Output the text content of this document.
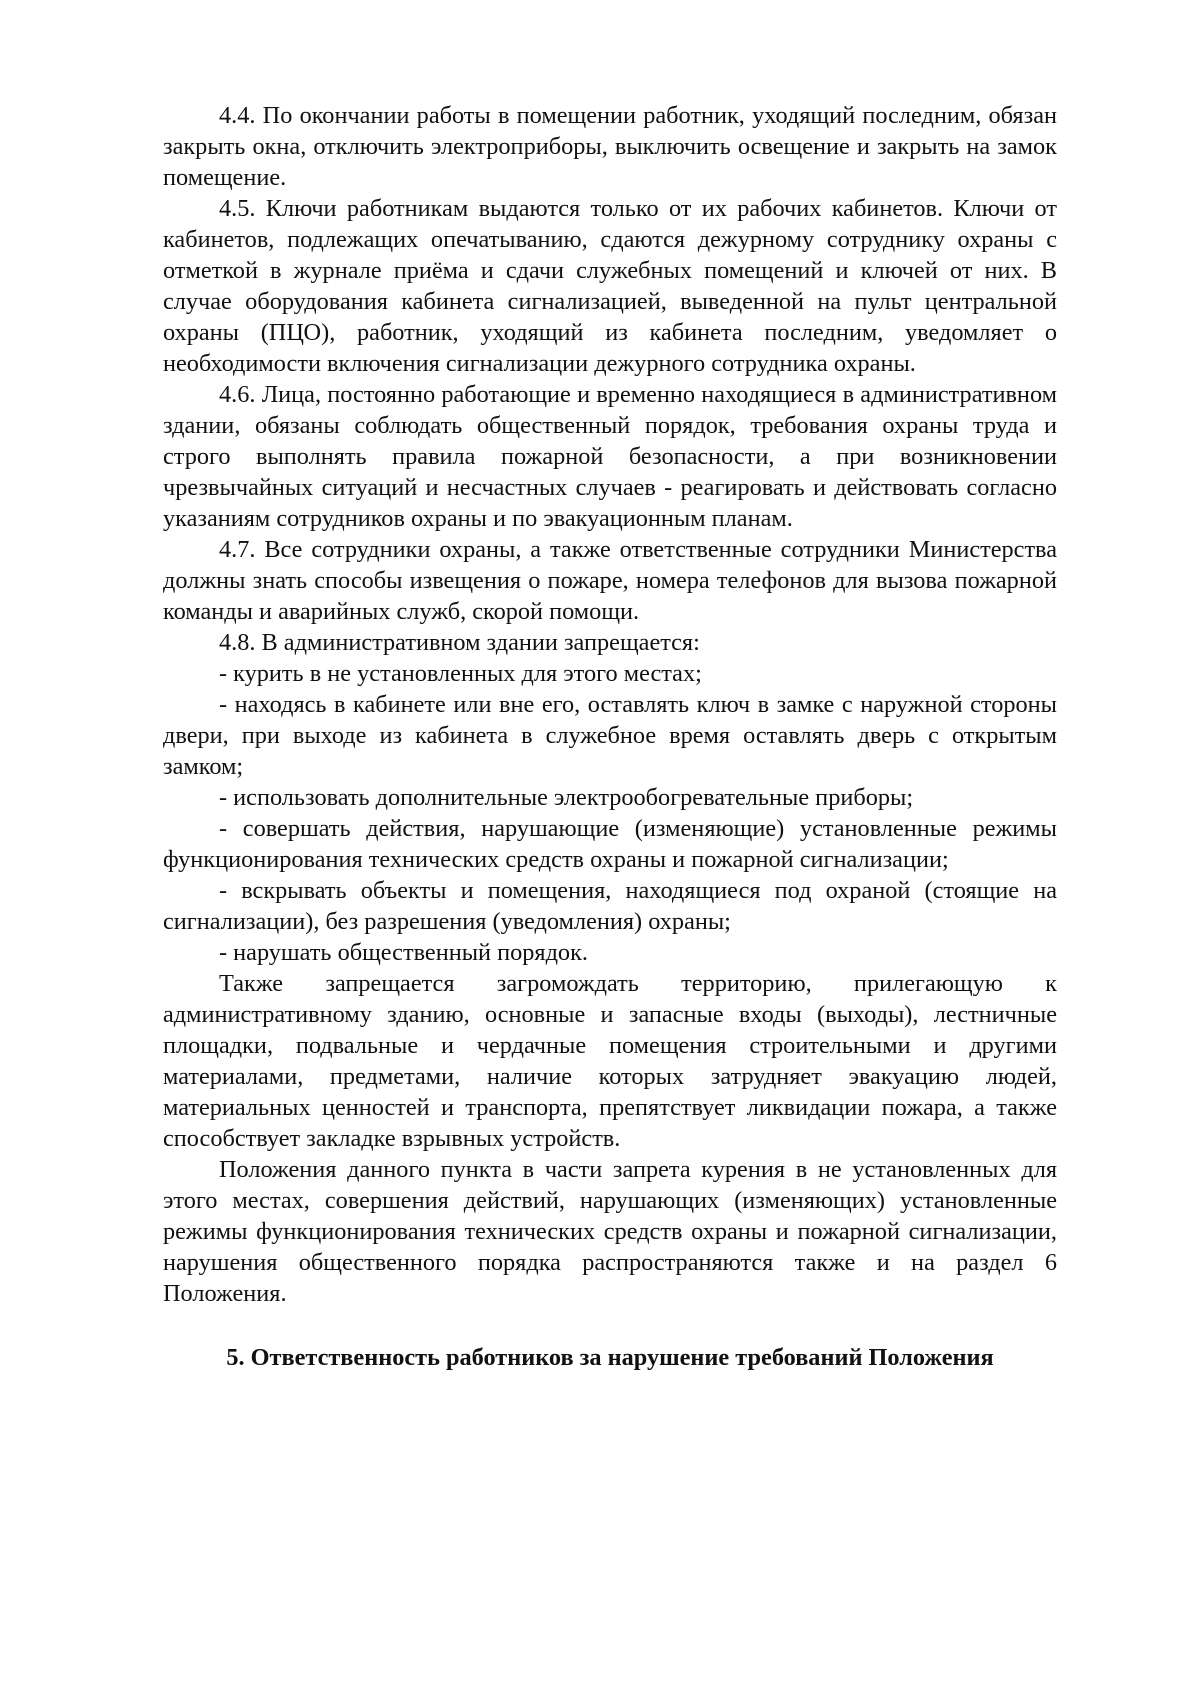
4.4. По окончании работы в помещении работник, уходящий последним, обязан закрыть окна, отключить электроприборы, выключить освещение и закрыть на замок помещение.

4.5. Ключи работникам выдаются только от их рабочих кабинетов. Ключи от кабинетов, подлежащих опечатыванию, сдаются дежурному сотруднику охраны с отметкой в журнале приёма и сдачи служебных помещений и ключей от них. В случае оборудования кабинета сигнализацией, выведенной на пульт центральной охраны (ПЦО), работник, уходящий из кабинета последним, уведомляет о необходимости включения сигнализации дежурного сотрудника охраны.

4.6. Лица, постоянно работающие и временно находящиеся в административном здании, обязаны соблюдать общественный порядок, требования охраны труда и строго выполнять правила пожарной безопасности, а при возникновении чрезвычайных ситуаций и несчастных случаев - реагировать и действовать согласно указаниям сотрудников охраны и по эвакуационным планам.

4.7. Все сотрудники охраны, а также ответственные сотрудники Министерства должны знать способы извещения о пожаре, номера телефонов для вызова пожарной команды и аварийных служб, скорой помощи.

4.8. В административном здании запрещается:

- курить в не установленных для этого местах;

- находясь в кабинете или вне его, оставлять ключ в замке с наружной стороны двери, при выходе из кабинета в служебное время оставлять дверь с открытым замком;

- использовать дополнительные электрообогревательные приборы;

- совершать действия, нарушающие (изменяющие) установленные режимы функционирования технических средств охраны и пожарной сигнализации;

- вскрывать объекты и помещения, находящиеся под охраной (стоящие на сигнализации), без разрешения (уведомления) охраны;

- нарушать общественный порядок.

Также запрещается загромождать территорию, прилегающую к административному зданию, основные и запасные входы (выходы), лестничные площадки, подвальные и чердачные помещения строительными и другими материалами, предметами, наличие которых затрудняет эвакуацию людей, материальных ценностей и транспорта, препятствует ликвидации пожара, а также способствует закладке взрывных устройств.

Положения данного пункта в части запрета курения в не установленных для этого местах, совершения действий, нарушающих (изменяющих) установленные режимы функционирования технических средств охраны и пожарной сигнализации, нарушения общественного порядка распространяются также и на раздел 6 Положения.

5. Ответственность работников за нарушение требований Положения
